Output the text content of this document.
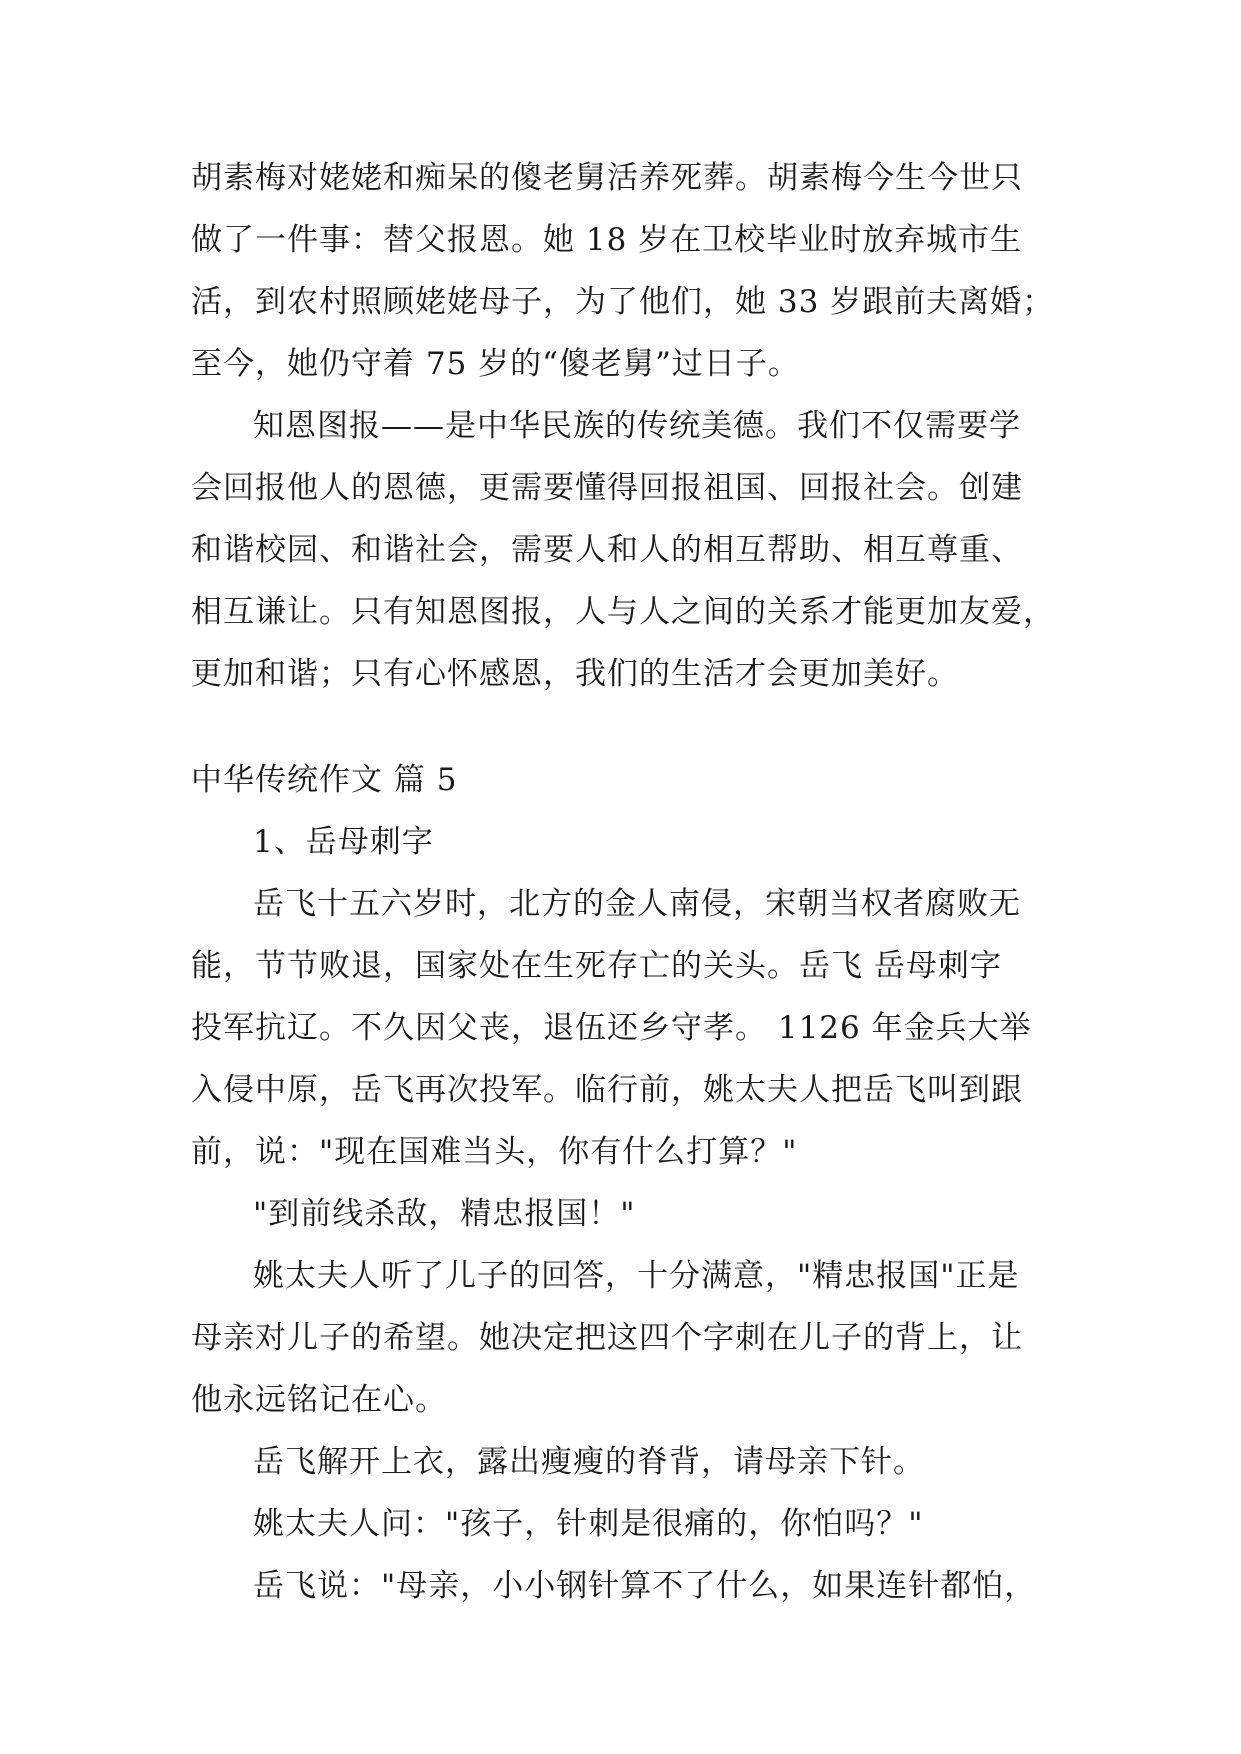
胡素梅对姥姥和痴呆的傻老舅活养死葬。胡素梅今生今世只
做了一件事：替父报恩。她 18 岁在卫校毕业时放弃城市生
活，到农村照顾姥姥母子，为了他们，她 33 岁跟前夫离婚；
至今，她仍守着 75 岁的“傻老舅”过日子。
知恩图报——是中华民族的传统美德。我们不仅需要学
会回报他人的恩德，更需要懂得回报祖国、回报社会。创建
和谐校园、和谐社会，需要人和人的相互帮助、相互尊重、
相互谦让。只有知恩图报，人与人之间的关系才能更加友爱，
更加和谐；只有心怀感恩，我们的生活才会更加美好。
中华传统作文 篇 5
1、岳母刺字
岳飞十五六岁时，北方的金人南侵，宋朝当权者腐败无
能，节节败退，国家处在生死存亡的关头。岳飞 岳母刺字
投军抗辽。不久因父丧，退伍还乡守孝。 1126 年金兵大举
入侵中原，岳飞再次投军。临行前，姚太夫人把岳飞叫到跟
前，说："现在国难当头，你有什么打算？"
"到前线杀敌，精忠报国！"
姚太夫人听了儿子的回答，十分满意，"精忠报国"正是
母亲对儿子的希望。她决定把这四个字刺在儿子的背上，让
他永远铭记在心。
岳飞解开上衣，露出瘦瘦的脊背，请母亲下针。
姚太夫人问："孩子，针刺是很痛的，你怕吗？"
岳飞说："母亲，小小钢针算不了什么，如果连针都怕，
